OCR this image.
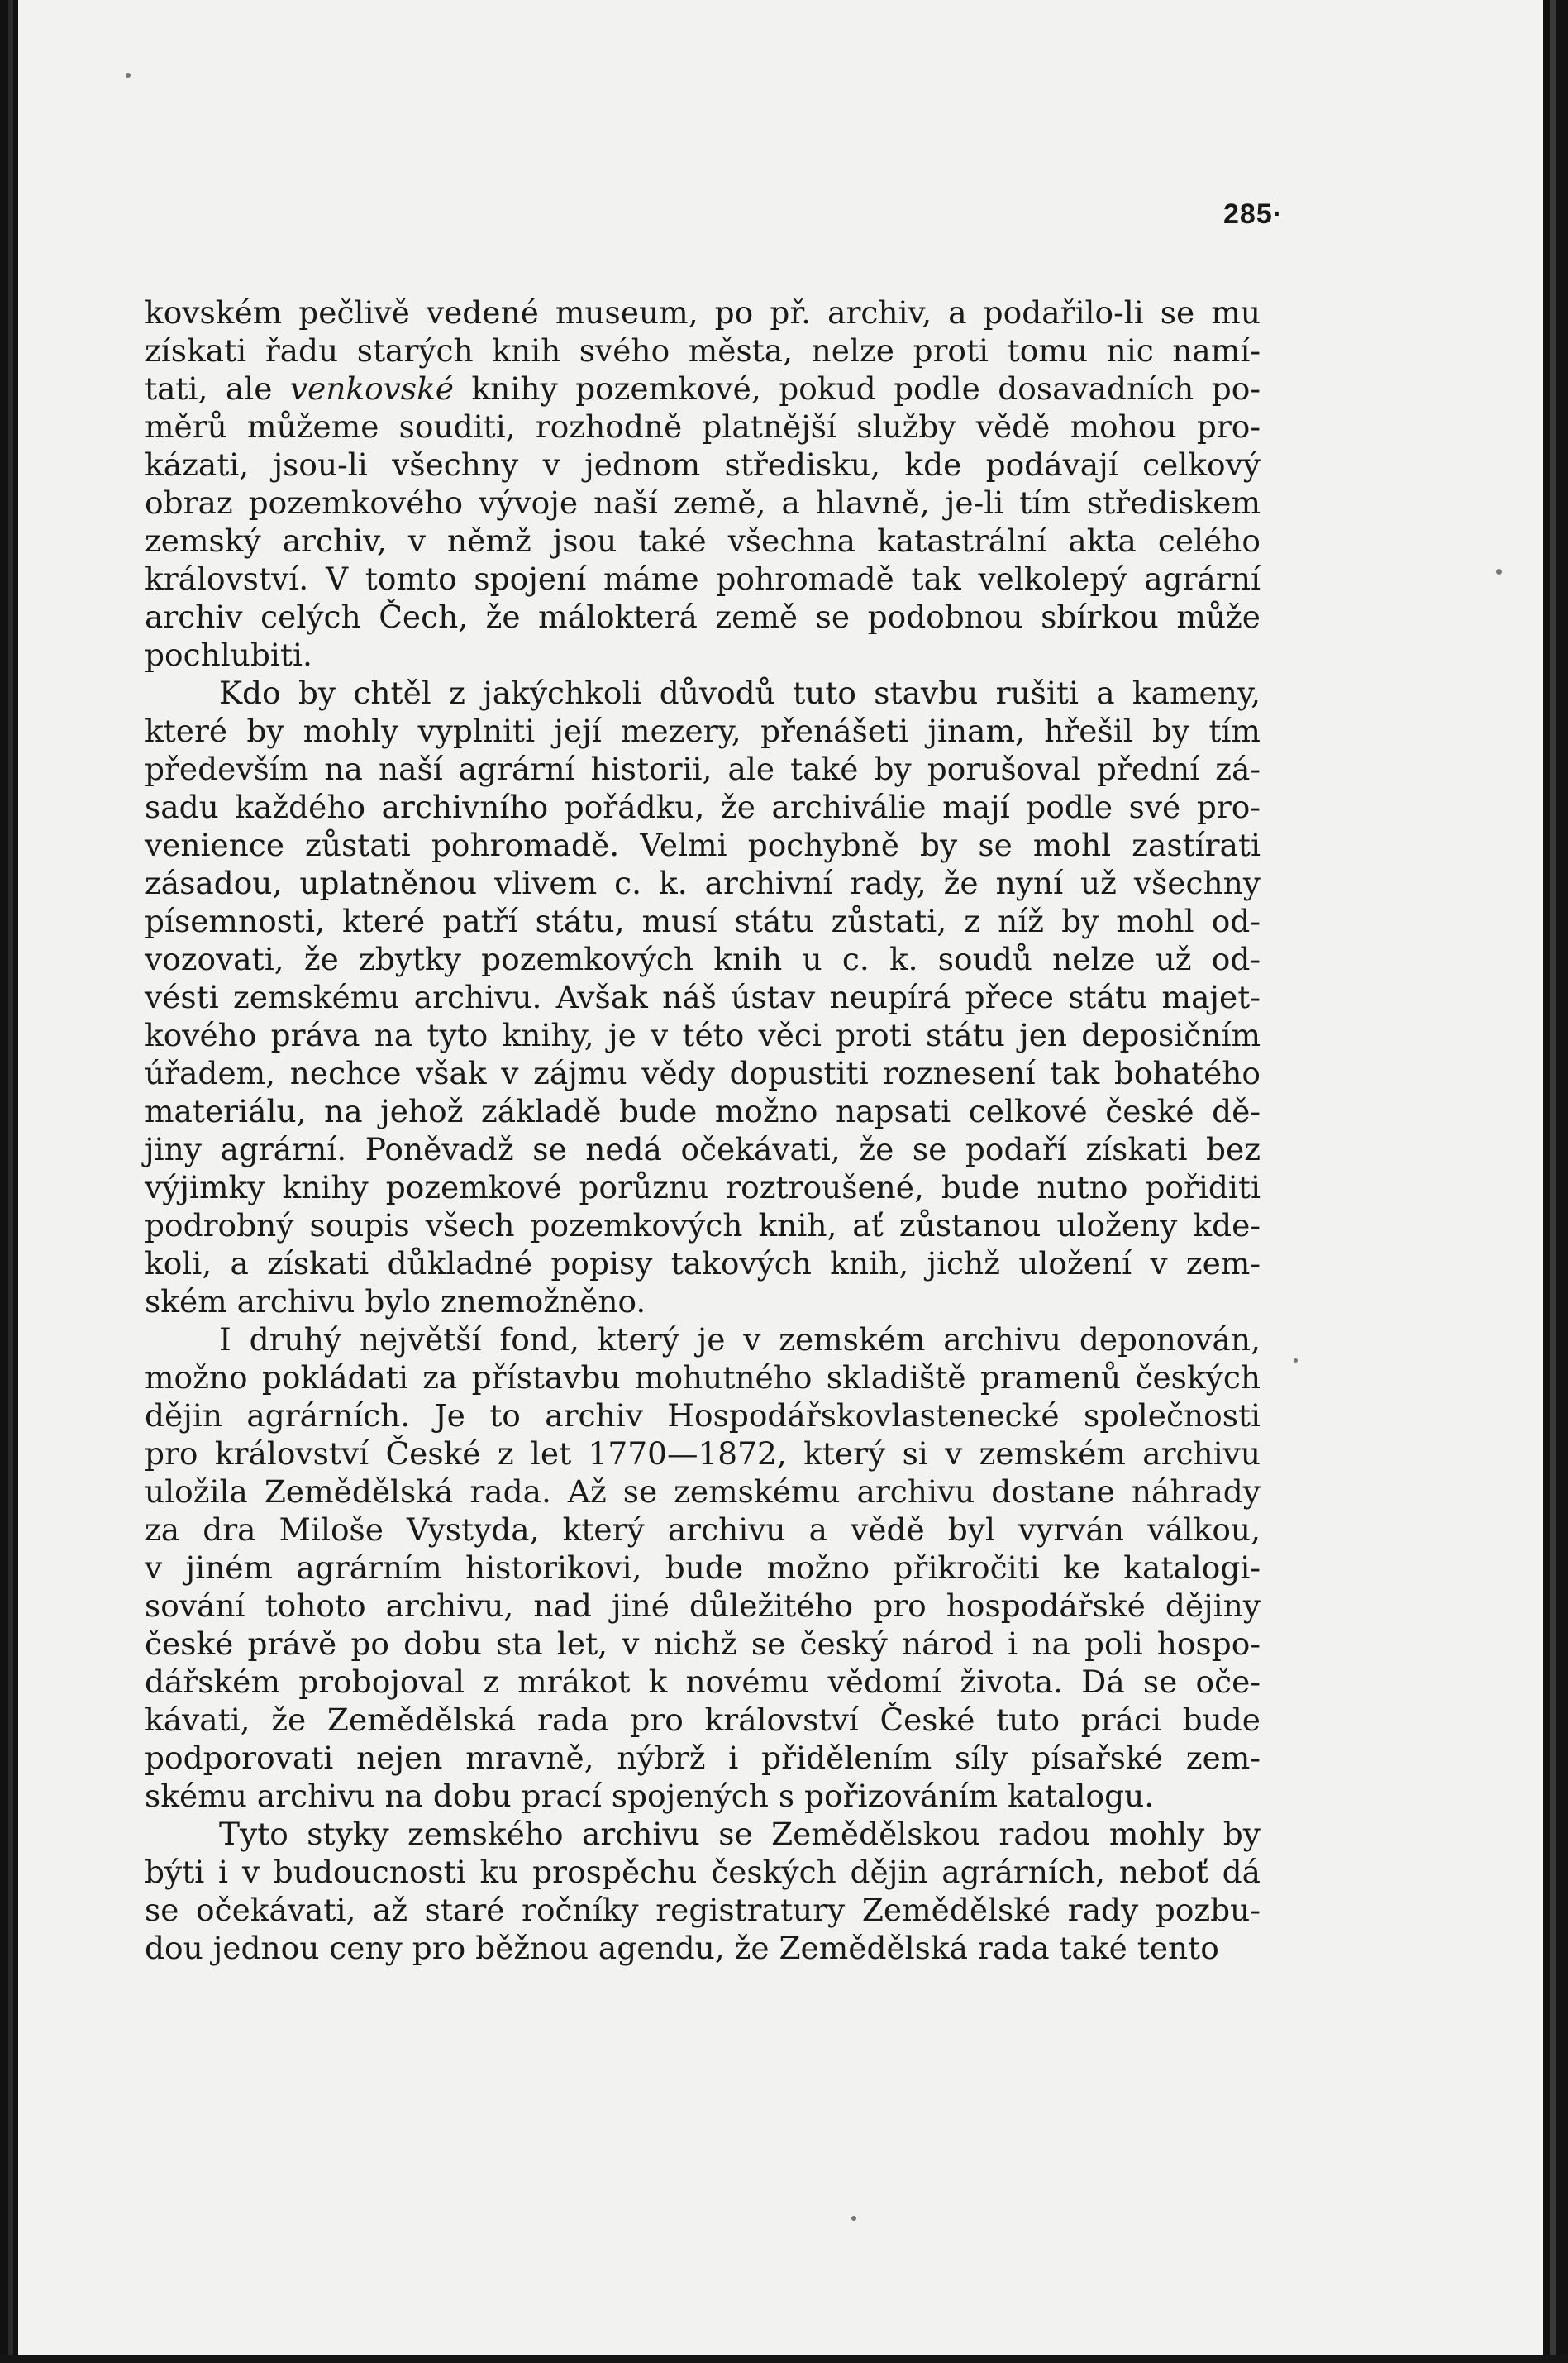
285·
kovském pečlivě vedené museum, po př. archiv, a podařilo-li se mu
získati řadu starých knih svého města, nelze proti tomu nic namí-
tati, ale venkovské knihy pozemkové, pokud podle dosavadních po-
měrů můžeme souditi, rozhodně platnější služby vědě mohou pro-
kázati, jsou-li všechny v jednom středisku, kde podávají celkový
obraz pozemkového vývoje naší země, a hlavně, je-li tím střediskem
zemský archiv, v němž jsou také všechna katastrální akta celého
království. V tomto spojení máme pohromadě tak velkolepý agrární
archiv celých Čech, že málokterá země se podobnou sbírkou může
pochlubiti.
Kdo by chtěl z jakýchkoli důvodů tuto stavbu rušiti a kameny,
které by mohly vyplniti její mezery, přenášeti jinam, hřešil by tím
především na naší agrární historii, ale také by porušoval přední zá-
sadu každého archivního pořádku, že archiválie mají podle své pro-
venience zůstati pohromadě. Velmi pochybně by se mohl zastírati
zásadou, uplatněnou vlivem c. k. archivní rady, že nyní už všechny
písemnosti, které patří státu, musí státu zůstati, z níž by mohl od-
vozovati, že zbytky pozemkových knih u c. k. soudů nelze už od-
vésti zemskému archivu. Avšak náš ústav neupírá přece státu majet-
kového práva na tyto knihy, je v této věci proti státu jen deposičním
úřadem, nechce však v zájmu vědy dopustiti roznesení tak bohatého
materiálu, na jehož základě bude možno napsati celkové české dě-
jiny agrární. Poněvadž se nedá očekávati, že se podaří získati bez
výjimky knihy pozemkové porůznu roztroušené, bude nutno pořiditi
podrobný soupis všech pozemkových knih, ať zůstanou uloženy kde-
koli, a získati důkladné popisy takových knih, jichž uložení v zem-
ském archivu bylo znemožněno.
I druhý největší fond, který je v zemském archivu deponován,
možno pokládati za přístavbu mohutného skladiště pramenů českých
dějin agrárních. Je to archiv Hospodářskovlastenecké společnosti
pro království České z let 1770—1872, který si v zemském archivu
uložila Zemědělská rada. Až se zemskému archivu dostane náhrady
za dra Miloše Vystyda, který archivu a vědě byl vyrván válkou,
v jiném agrárním historikovi, bude možno přikročiti ke katalogi-
sování tohoto archivu, nad jiné důležitého pro hospodářské dějiny
české právě po dobu sta let, v nichž se český národ i na poli hospo-
dářském probojoval z mrákot k novému vědomí života. Dá se oče-
kávati, že Zemědělská rada pro království České tuto práci bude
podporovati nejen mravně, nýbrž i přidělením síly písařské zem-
skému archivu na dobu prací spojených s pořizováním katalogu.
Tyto styky zemského archivu se Zemědělskou radou mohly by
býti i v budoucnosti ku prospěchu českých dějin agrárních, neboť dá
se očekávati, až staré ročníky registratury Zemědělské rady pozbu-
dou jednou ceny pro běžnou agendu, že Zemědělská rada také tento
